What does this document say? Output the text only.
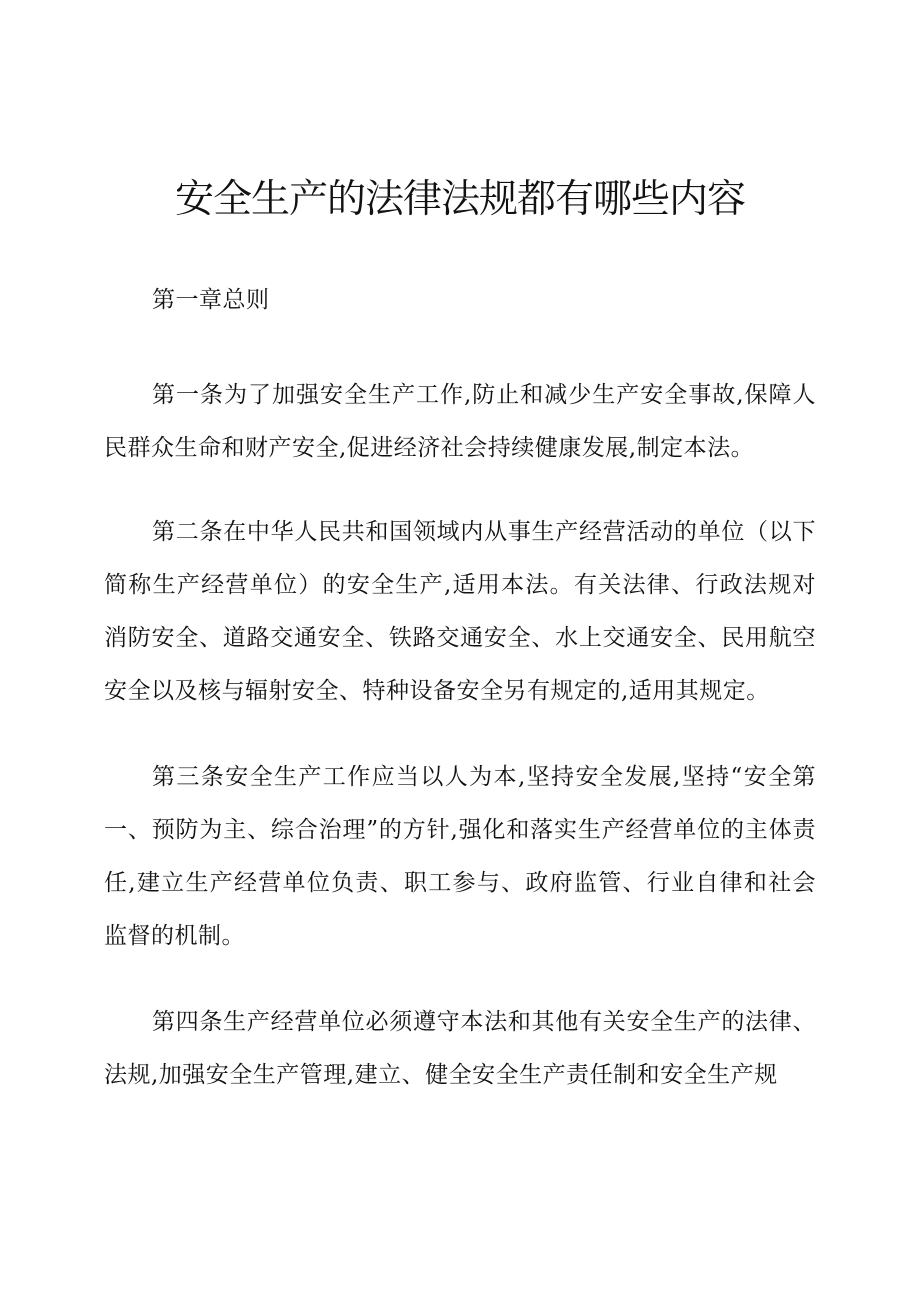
安全生产的法律法规都有哪些内容

第一章总则

第一条为了加强安全生产工作,防止和减少生产安全事故,保障人民群众生命和财产安全,促进经济社会持续健康发展,制定本法。

第二条在中华人民共和国领域内从事生产经营活动的单位（以下简称生产经营单位）的安全生产,适用本法。有关法律、行政法规对消防安全、道路交通安全、铁路交通安全、水上交通安全、民用航空安全以及核与辐射安全、特种设备安全另有规定的,适用其规定。

第三条安全生产工作应当以人为本,坚持安全发展,坚持“安全第一、预防为主、综合治理”的方针,强化和落实生产经营单位的主体责任,建立生产经营单位负责、职工参与、政府监管、行业自律和社会监督的机制。

第四条生产经营单位必须遵守本法和其他有关安全生产的法律、法规,加强安全生产管理,建立、健全安全生产责任制和安全生产规
